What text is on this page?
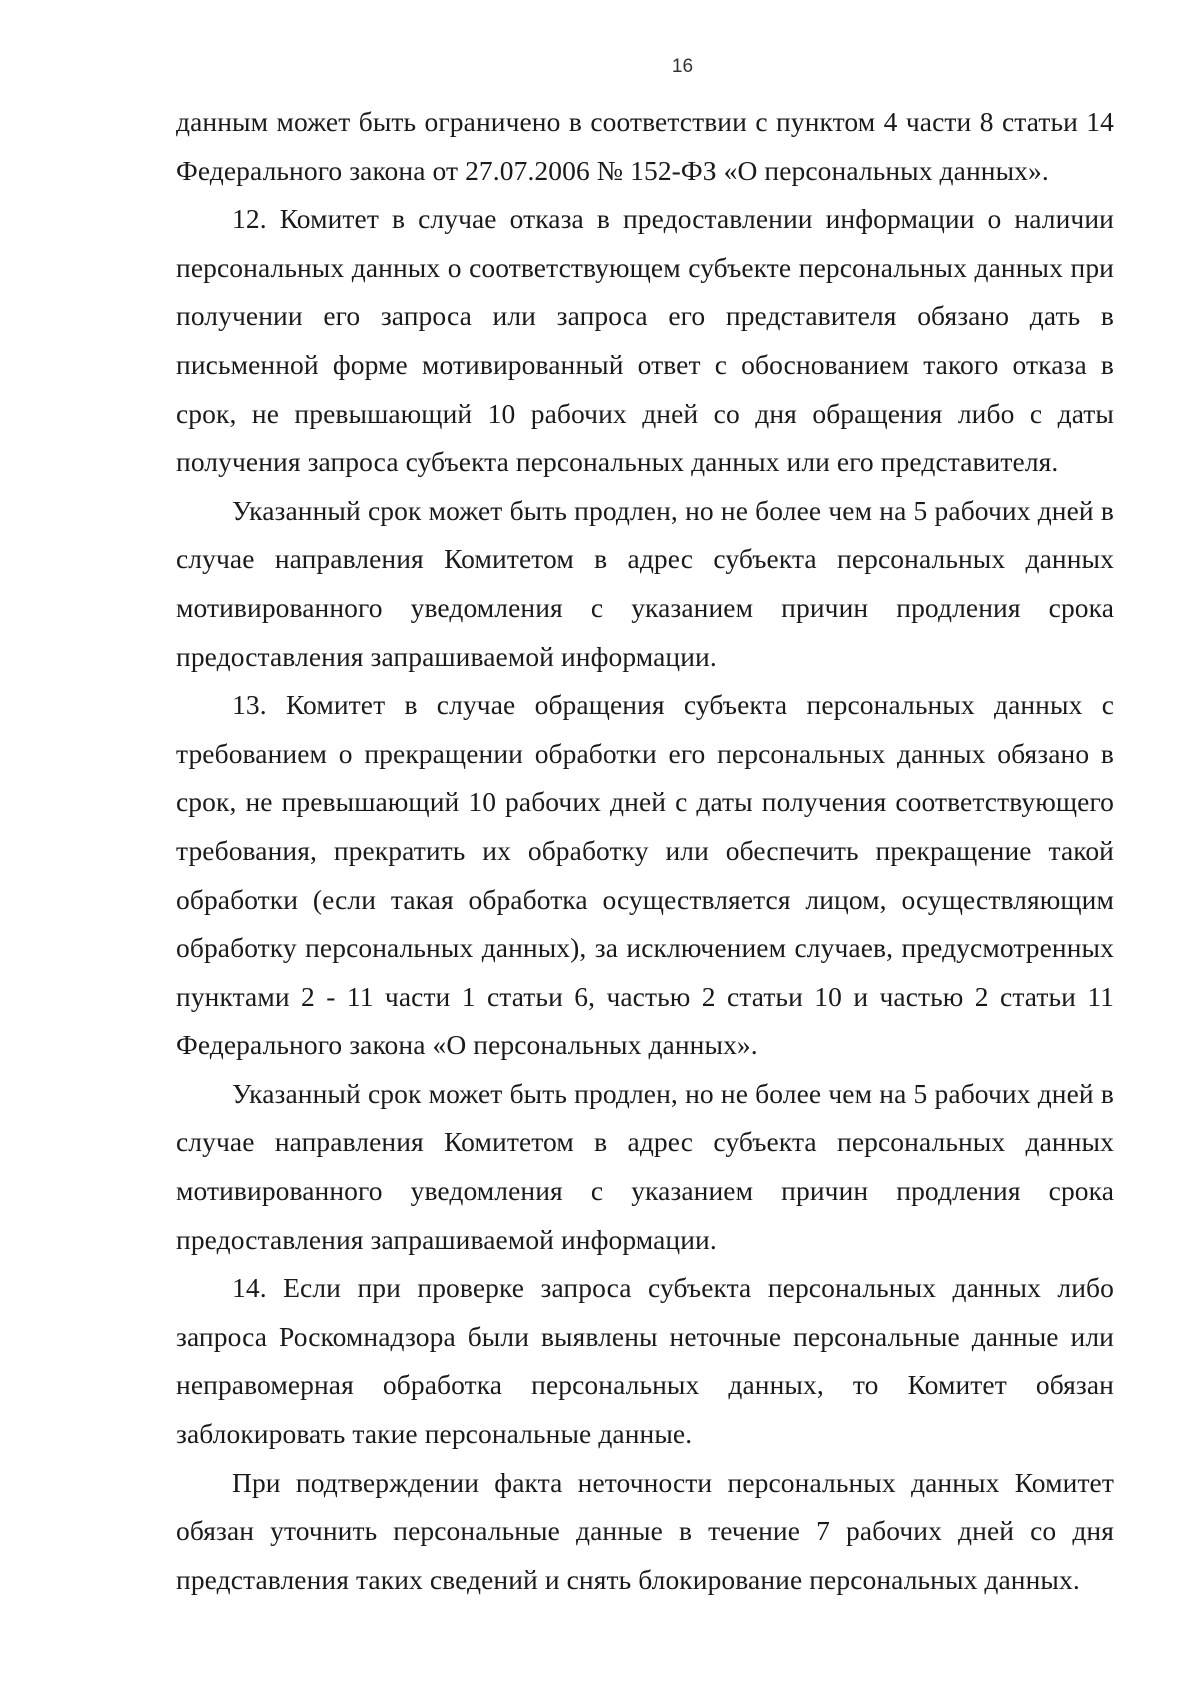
16

данным может быть ограничено в соответствии с пунктом 4 части 8 статьи 14 Федерального закона от 27.07.2006 № 152-ФЗ «О персональных данных».

12. Комитет в случае отказа в предоставлении информации о наличии персональных данных о соответствующем субъекте персональных данных при получении его запроса или запроса его представителя обязано дать в письменной форме мотивированный ответ с обоснованием такого отказа в срок, не превышающий 10 рабочих дней со дня обращения либо с даты получения запроса субъекта персональных данных или его представителя.

Указанный срок может быть продлен, но не более чем на 5 рабочих дней в случае направления Комитетом в адрес субъекта персональных данных мотивированного уведомления с указанием причин продления срока предоставления запрашиваемой информации.

13. Комитет в случае обращения субъекта персональных данных с требованием о прекращении обработки его персональных данных обязано в срок, не превышающий 10 рабочих дней с даты получения соответствующего требования, прекратить их обработку или обеспечить прекращение такой обработки (если такая обработка осуществляется лицом, осуществляющим обработку персональных данных), за исключением случаев, предусмотренных пунктами 2 - 11 части 1 статьи 6, частью 2 статьи 10 и частью 2 статьи 11 Федерального закона «О персональных данных».

Указанный срок может быть продлен, но не более чем на 5 рабочих дней в случае направления Комитетом в адрес субъекта персональных данных мотивированного уведомления с указанием причин продления срока предоставления запрашиваемой информации.

14. Если при проверке запроса субъекта персональных данных либо запроса Роскомнадзора были выявлены неточные персональные данные или неправомерная обработка персональных данных, то Комитет обязан заблокировать такие персональные данные.

При подтверждении факта неточности персональных данных Комитет обязан уточнить персональные данные в течение 7 рабочих дней со дня представления таких сведений и снять блокирование персональных данных.
